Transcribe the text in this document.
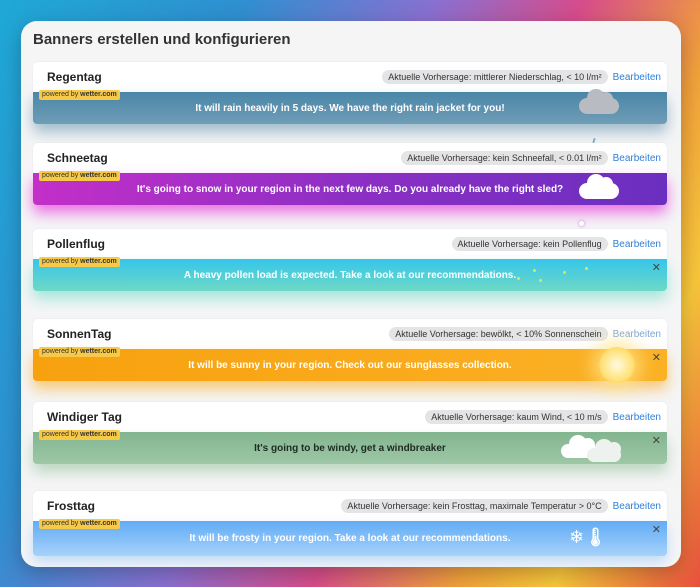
Banners erstellen und konfigurieren
Regentag	Aktuelle Vorhersage: mittlerer Niederschlag, < 10 l/m²	Bearbeiten
powered by wetter.com
It will rain heavily in 5 days. We have the right rain jacket for you!
Schneetag	Aktuelle Vorhersage: kein Schneefall, < 0.01 l/m²	Bearbeiten
powered by wetter.com
It's going to snow in your region in the next few days. Do you already have the right sled?
Pollenflug	Aktuelle Vorhersage: kein Pollenflug	Bearbeiten
powered by wetter.com
A heavy pollen load is expected. Take a look at our recommendations.
✕
SonnenTag	Aktuelle Vorhersage: bewölkt, < 10% Sonnenschein	Bearbeiten
powered by wetter.com
It will be sunny in your region. Check out our sunglasses collection.
✕
Windiger Tag	Aktuelle Vorhersage: kaum Wind, < 10 m/s	Bearbeiten
powered by wetter.com
It's going to be windy, get a windbreaker
✕
Frosttag	Aktuelle Vorhersage: kein Frosttag, maximale Temperatur > 0°C	Bearbeiten
powered by wetter.com
It will be frosty in your region. Take a look at our recommendations.
✕
❄🌡
